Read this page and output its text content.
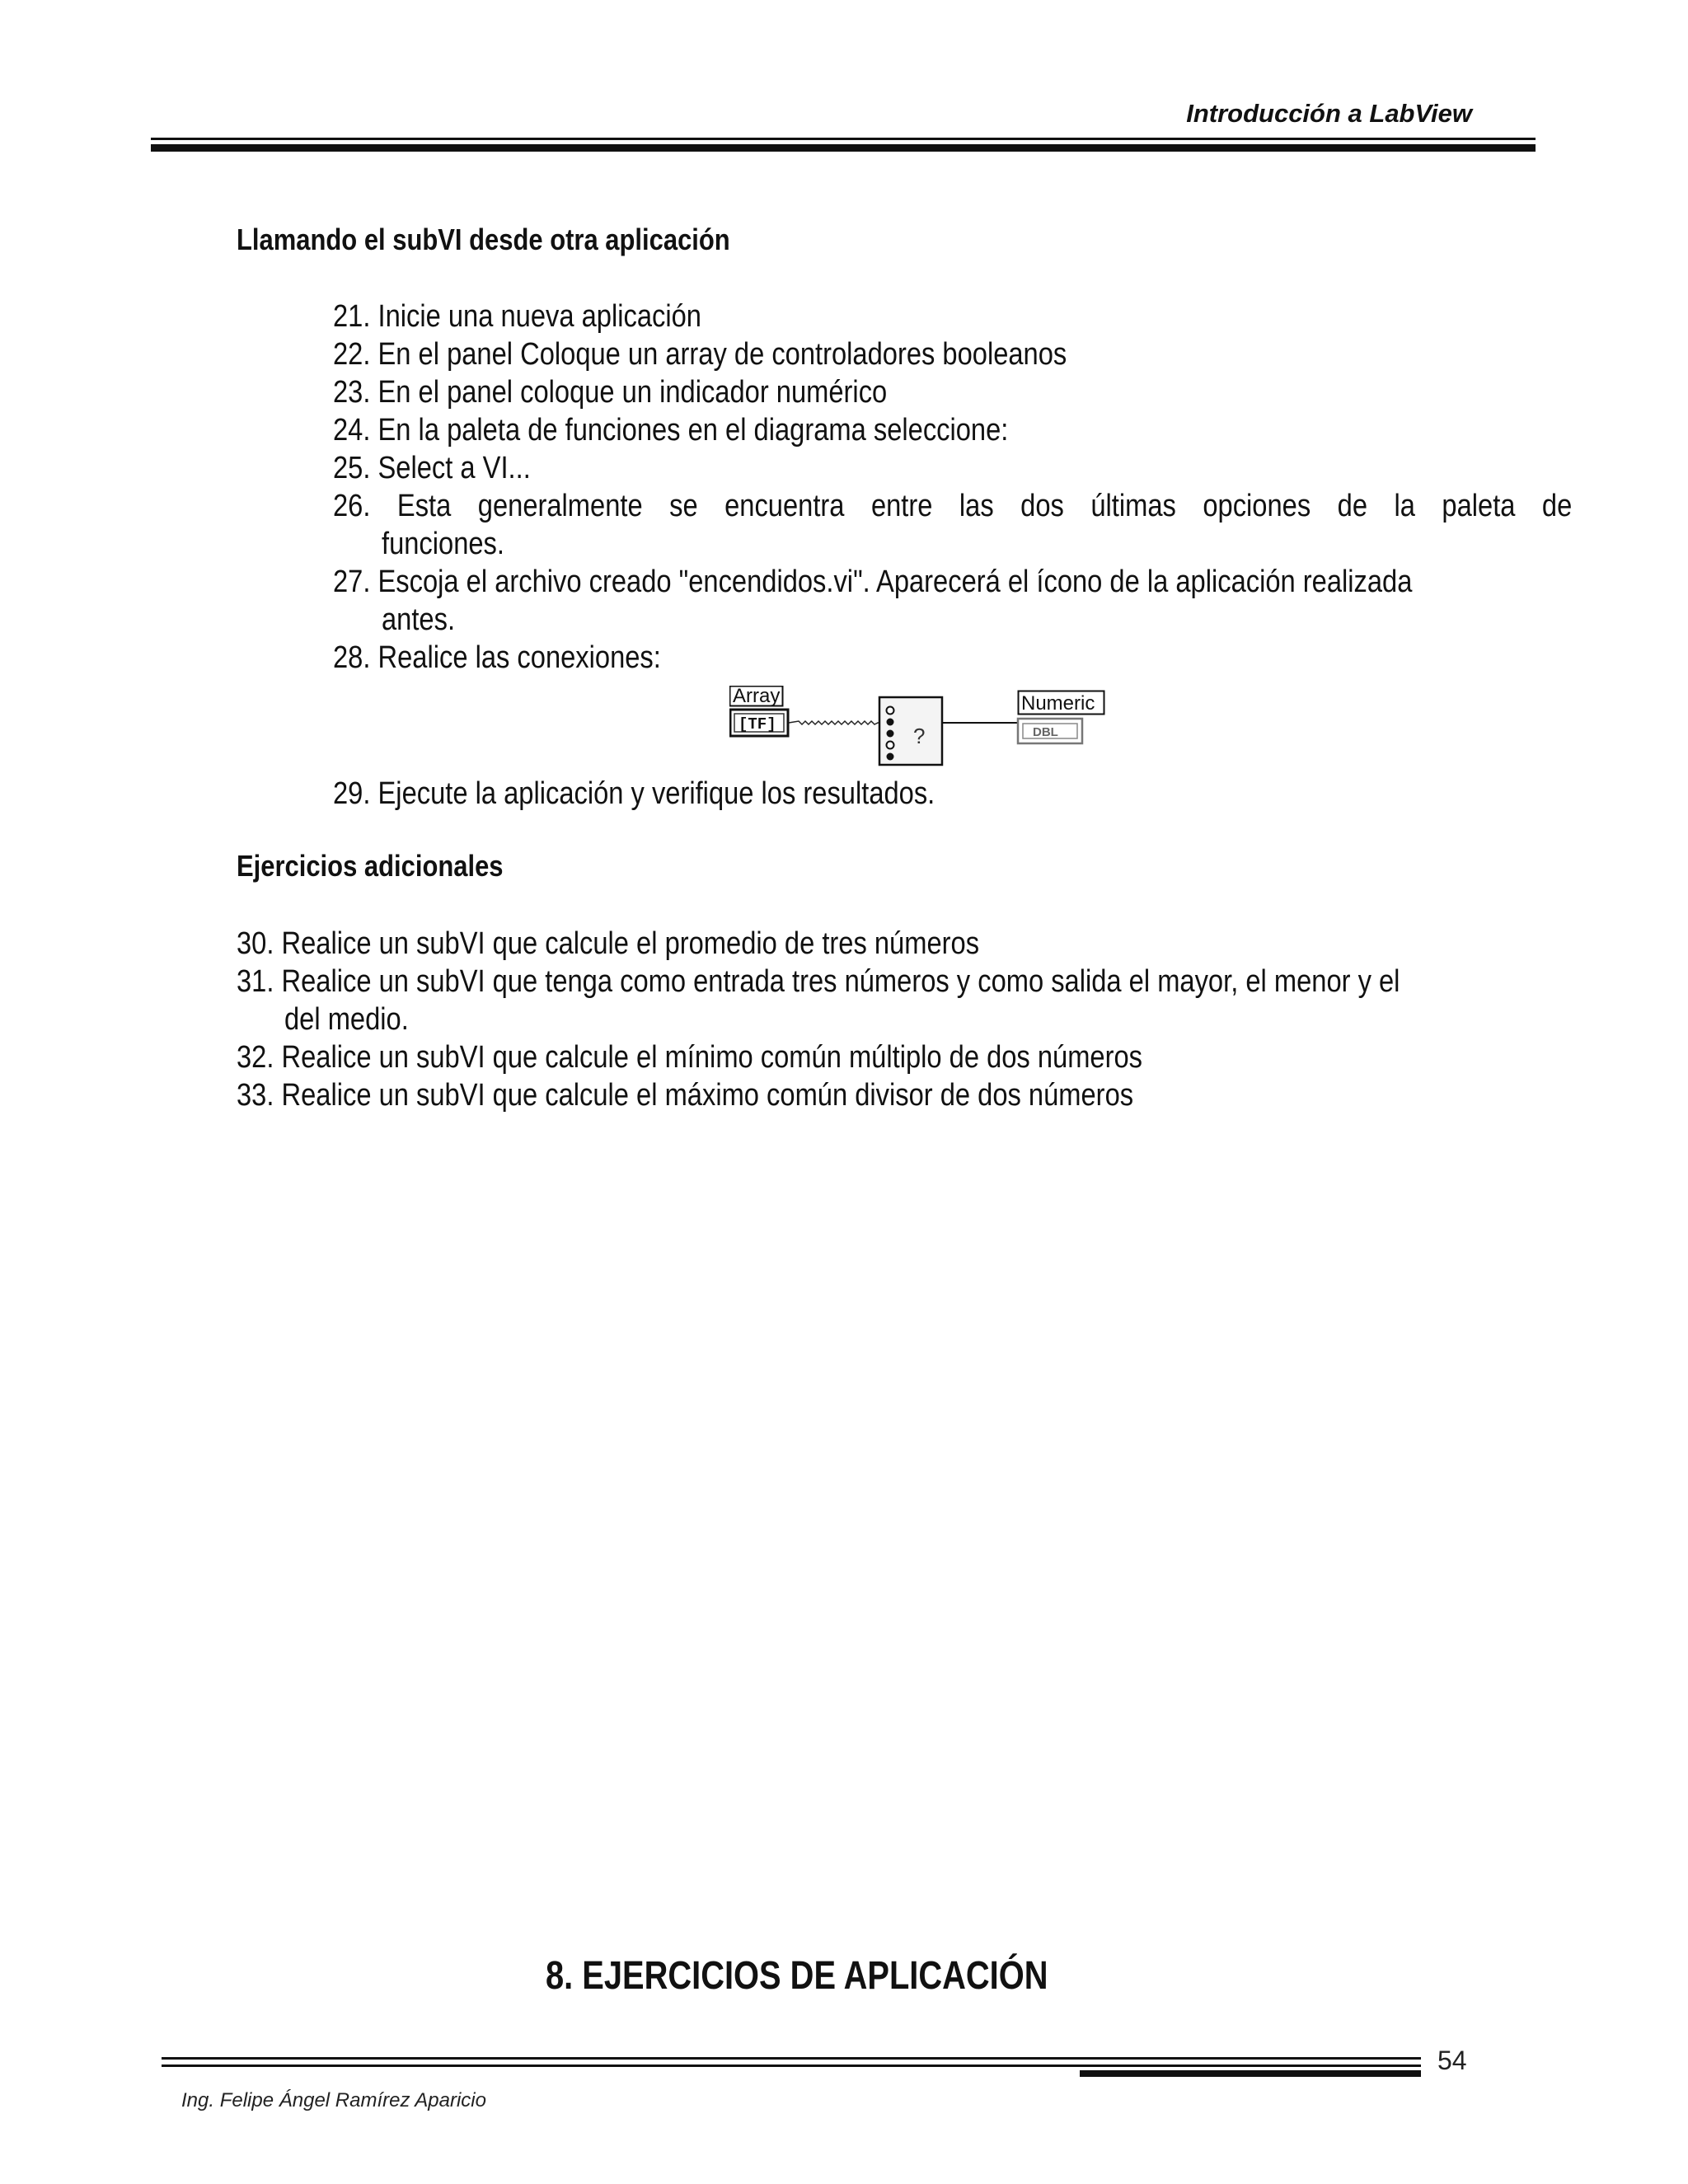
Introducción a LabView
Llamando el subVI desde otra aplicación
21. Inicie una nueva aplicación
22. En el panel Coloque un array de controladores booleanos
23. En el panel coloque un indicador numérico
24. En la paleta de funciones en el diagrama seleccione:
25. Select a VI...
26. Esta generalmente se encuentra entre las dos últimas opciones de la paleta de
funciones.
27. Escoja el archivo creado "encendidos.vi". Aparecerá el ícono de la aplicación realizada
antes.
28. Realice las conexiones:
Array
[TF]	?
Numeric
DBL
29. Ejecute la aplicación y verifique los resultados.
Ejercicios adicionales
30. Realice un subVI que calcule el promedio de tres números
31. Realice un subVI que tenga como entrada tres números y como salida el mayor, el menor y el
del medio.
32. Realice un subVI que calcule el mínimo común múltiplo de dos números
33. Realice un subVI que calcule el máximo común divisor de dos números
8. EJERCICIOS DE APLICACIÓN
54
Ing. Felipe Ángel Ramírez Aparicio
